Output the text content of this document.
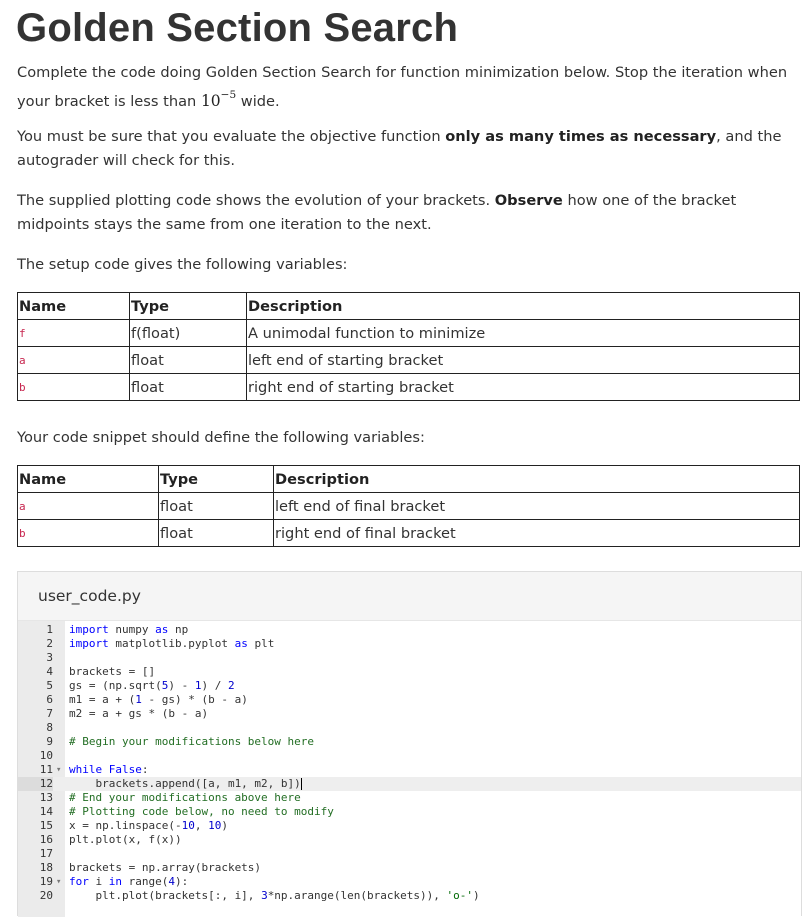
Golden Section Search

Complete the code doing Golden Section Search for function minimization below. Stop the iteration when your bracket is less than $10^{-5}$ wide.

You must be sure that you evaluate the objective function only as many times as necessary, and the autograder will check for this.

The supplied plotting code shows the evolution of your brackets. Observe how one of the bracket midpoints stays the same from one iteration to the next.

The setup code gives the following variables:

Name	Type	Description
f	f(float)	A unimodal function to minimize
a	float	left end of starting bracket
b	float	right end of starting bracket

Your code snippet should define the following variables:

Name	Type	Description
a	float	left end of final bracket
b	float	right end of final bracket
user_code.py
1 import numpy as np
2 import matplotlib.pyplot as plt
3
4 brackets = []
5 gs = (np.sqrt(5) - 1) / 2
6 m1 = a + (1 - gs) * (b - a)
7 m2 = a + gs * (b - a)
8
9 # Begin your modifications below here
10
11 ▾ while False:
12 brackets.append([a, m1, m2, b])
13 # End your modifications above here
14 # Plotting code below, no need to modify
15 x = np.linspace(-10, 10)
16 plt.plot(x, f(x))
17
18 brackets = np.array(brackets)
19 ▾ for i in range(4):
20 plt.plot(brackets[:, i], 3*np.arange(len(brackets)), 'o-')
